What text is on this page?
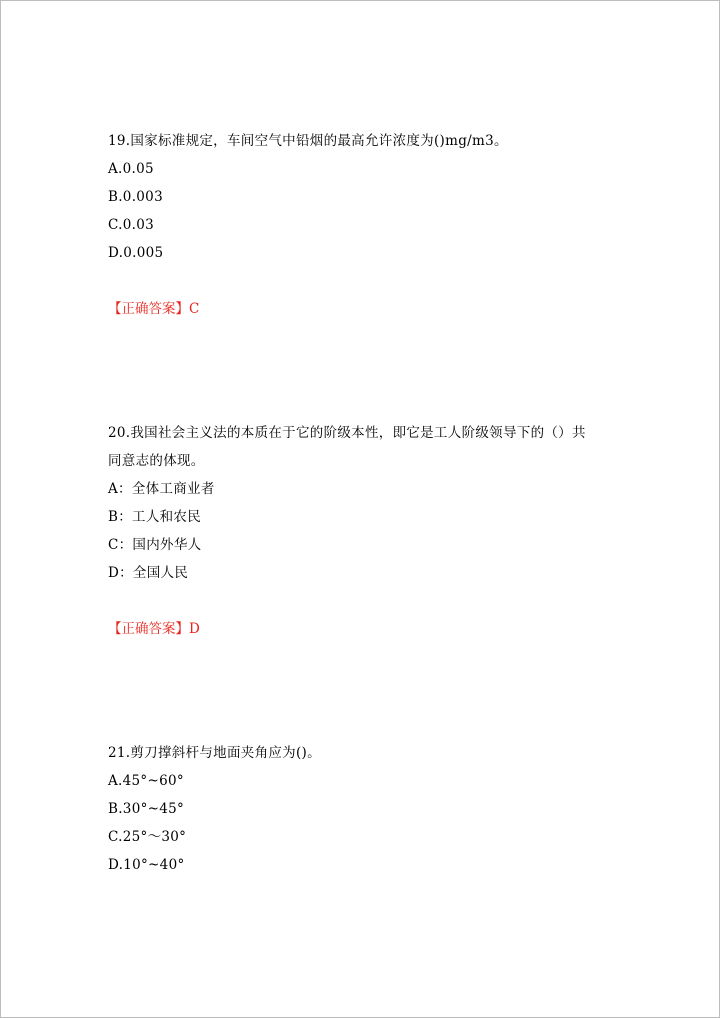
19.国家标准规定，车间空气中铅烟的最高允许浓度为()mg/m3。
A.0.05
B.0.003
C.0.03
D.0.005
【正确答案】C
20.我国社会主义法的本质在于它的阶级本性，即它是工人阶级领导下的（）共
同意志的体现。
A：全体工商业者
B：工人和农民
C：国内外华人
D：全国人民
【正确答案】D
21.剪刀撑斜杆与地面夹角应为()。
A.45°~60°
B.30°~45°
C.25°～30°
D.10°~40°
